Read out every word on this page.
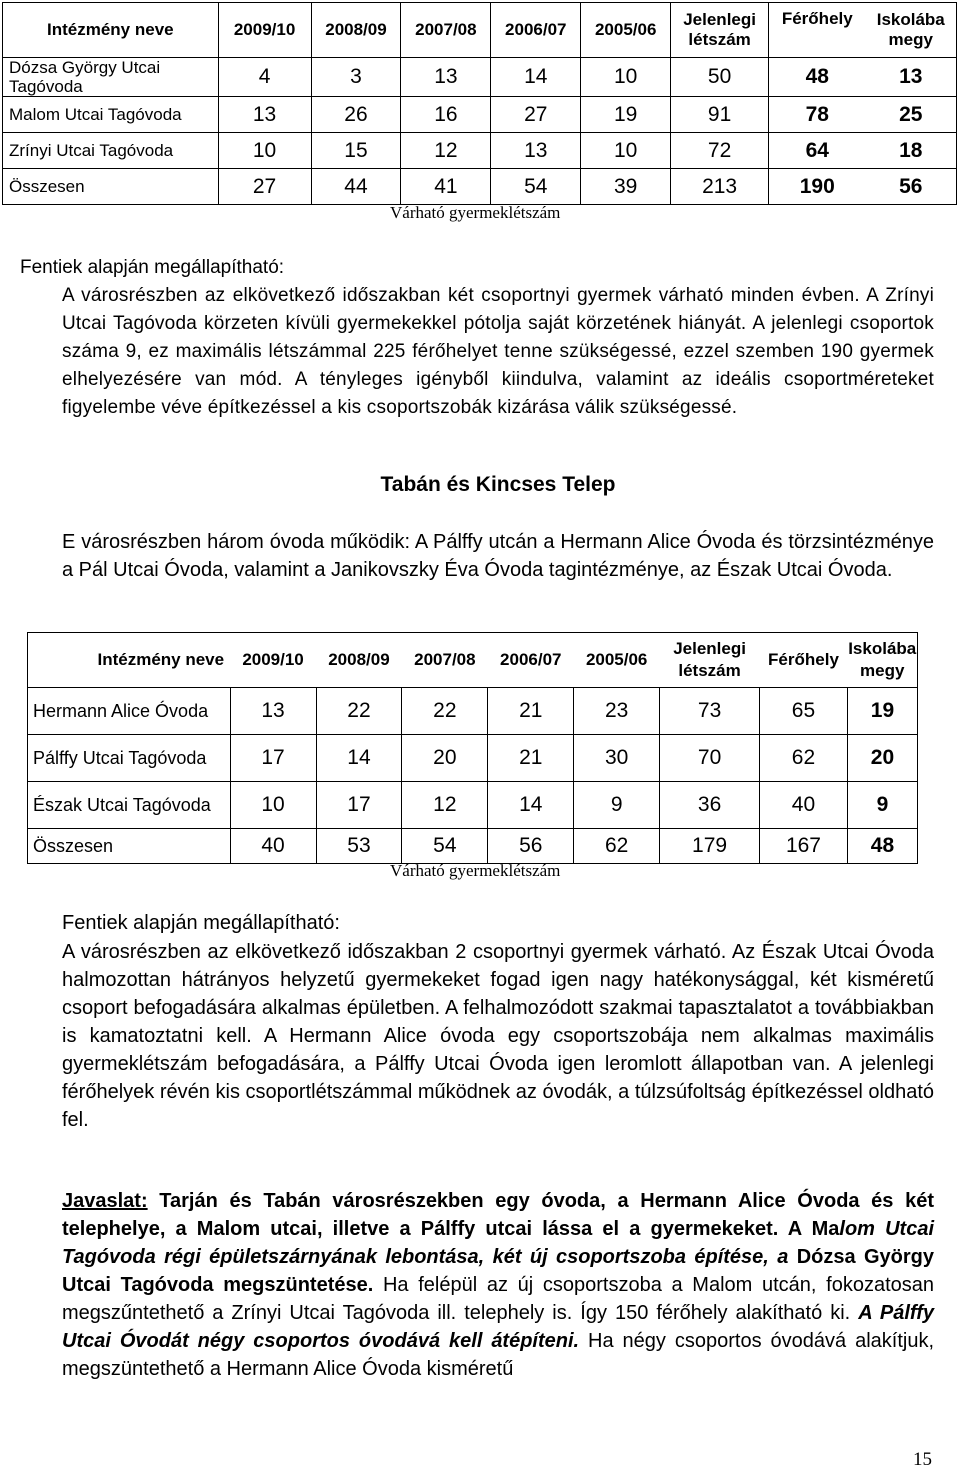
Intézmény neve	2009/10	2008/09	2007/08	2006/07	2005/06	Jelenlegi létszám	Férőhely	Iskolába megy
Dózsa György Utcai Tagóvoda	4	3	13	14	10	50	48	13
Malom Utcai Tagóvoda	13	26	16	27	19	91	78	25
Zrínyi Utcai Tagóvoda	10	15	12	13	10	72	64	18
Összesen	27	44	41	54	39	213	190	56
Várható gyermeklétszám
Fentiek alapján megállapítható:

A városrészben az elkövetkező időszakban két csoportnyi gyermek várható minden évben. A Zrínyi Utcai Tagóvoda körzeten kívüli gyermekekkel pótolja saját körzetének hiányát. A jelenlegi csoportok száma 9, ez maximális létszámmal 225 férőhelyet tenne szükségessé, ezzel szemben 190 gyermek elhelyezésére van mód. A tényleges igényből kiindulva, valamint az ideális csoportméreteket figyelembe véve építkezéssel a kis csoportszobák kizárása válik szükségessé.

Tabán és Kincses Telep
E városrészben három óvoda működik: A Pálffy utcán a Hermann Alice Óvoda és törzsintézménye a Pál Utcai Óvoda, valamint a Janikovszky Éva Óvoda tagintézménye, az Észak Utcai Óvoda.
Intézmény neve	2009/10	2008/09	2007/08	2006/07	2005/06	Jelenlegi létszám	Férőhely	Iskolába megy
Hermann Alice Óvoda	13	22	22	21	23	73	65	19
Pálffy Utcai Tagóvoda	17	14	20	21	30	70	62	20
Észak Utcai Tagóvoda	10	17	12	14	9	36	40	9
Összesen	40	53	54	56	62	179	167	48
Várható gyermeklétszám
Fentiek alapján megállapítható:
A városrészben az elkövetkező időszakban 2 csoportnyi gyermek várható. Az Észak Utcai Óvoda halmozottan hátrányos helyzetű gyermekeket fogad igen nagy hatékonysággal, két kisméretű csoport befogadására alkalmas épületben. A felhalmozódott szakmai tapasztalatot a továbbiakban is kamatoztatni kell. A Hermann Alice óvoda egy csoportszobája nem alkalmas maximális gyermeklétszám befogadására, a Pálffy Utcai Óvoda igen leromlott állapotban van. A jelenlegi férőhelyek révén kis csoportlétszámmal működnek az óvodák, a túlzsúfoltság építkezéssel oldható fel.
Javaslat: Tarján és Tabán városrészekben egy óvoda, a Hermann Alice Óvoda és két telephelye, a Malom utcai, illetve a Pálffy utcai lássa el a gyermekeket. A Malom Utcai Tagóvoda régi épületszárnyának lebontása, két új csoportszoba építése, a Dózsa György Utcai Tagóvoda megszüntetése. Ha felépül az új csoportszoba a Malom utcán, fokozatosan megszűntethető a Zrínyi Utcai Tagóvoda ill. telephely is. Így 150 férőhely alakítható ki. A Pálffy Utcai Óvodát négy csoportos óvodává kell átépíteni. Ha négy csoportos óvodává alakítjuk, megszüntethető a Hermann Alice Óvoda kisméretű
15
